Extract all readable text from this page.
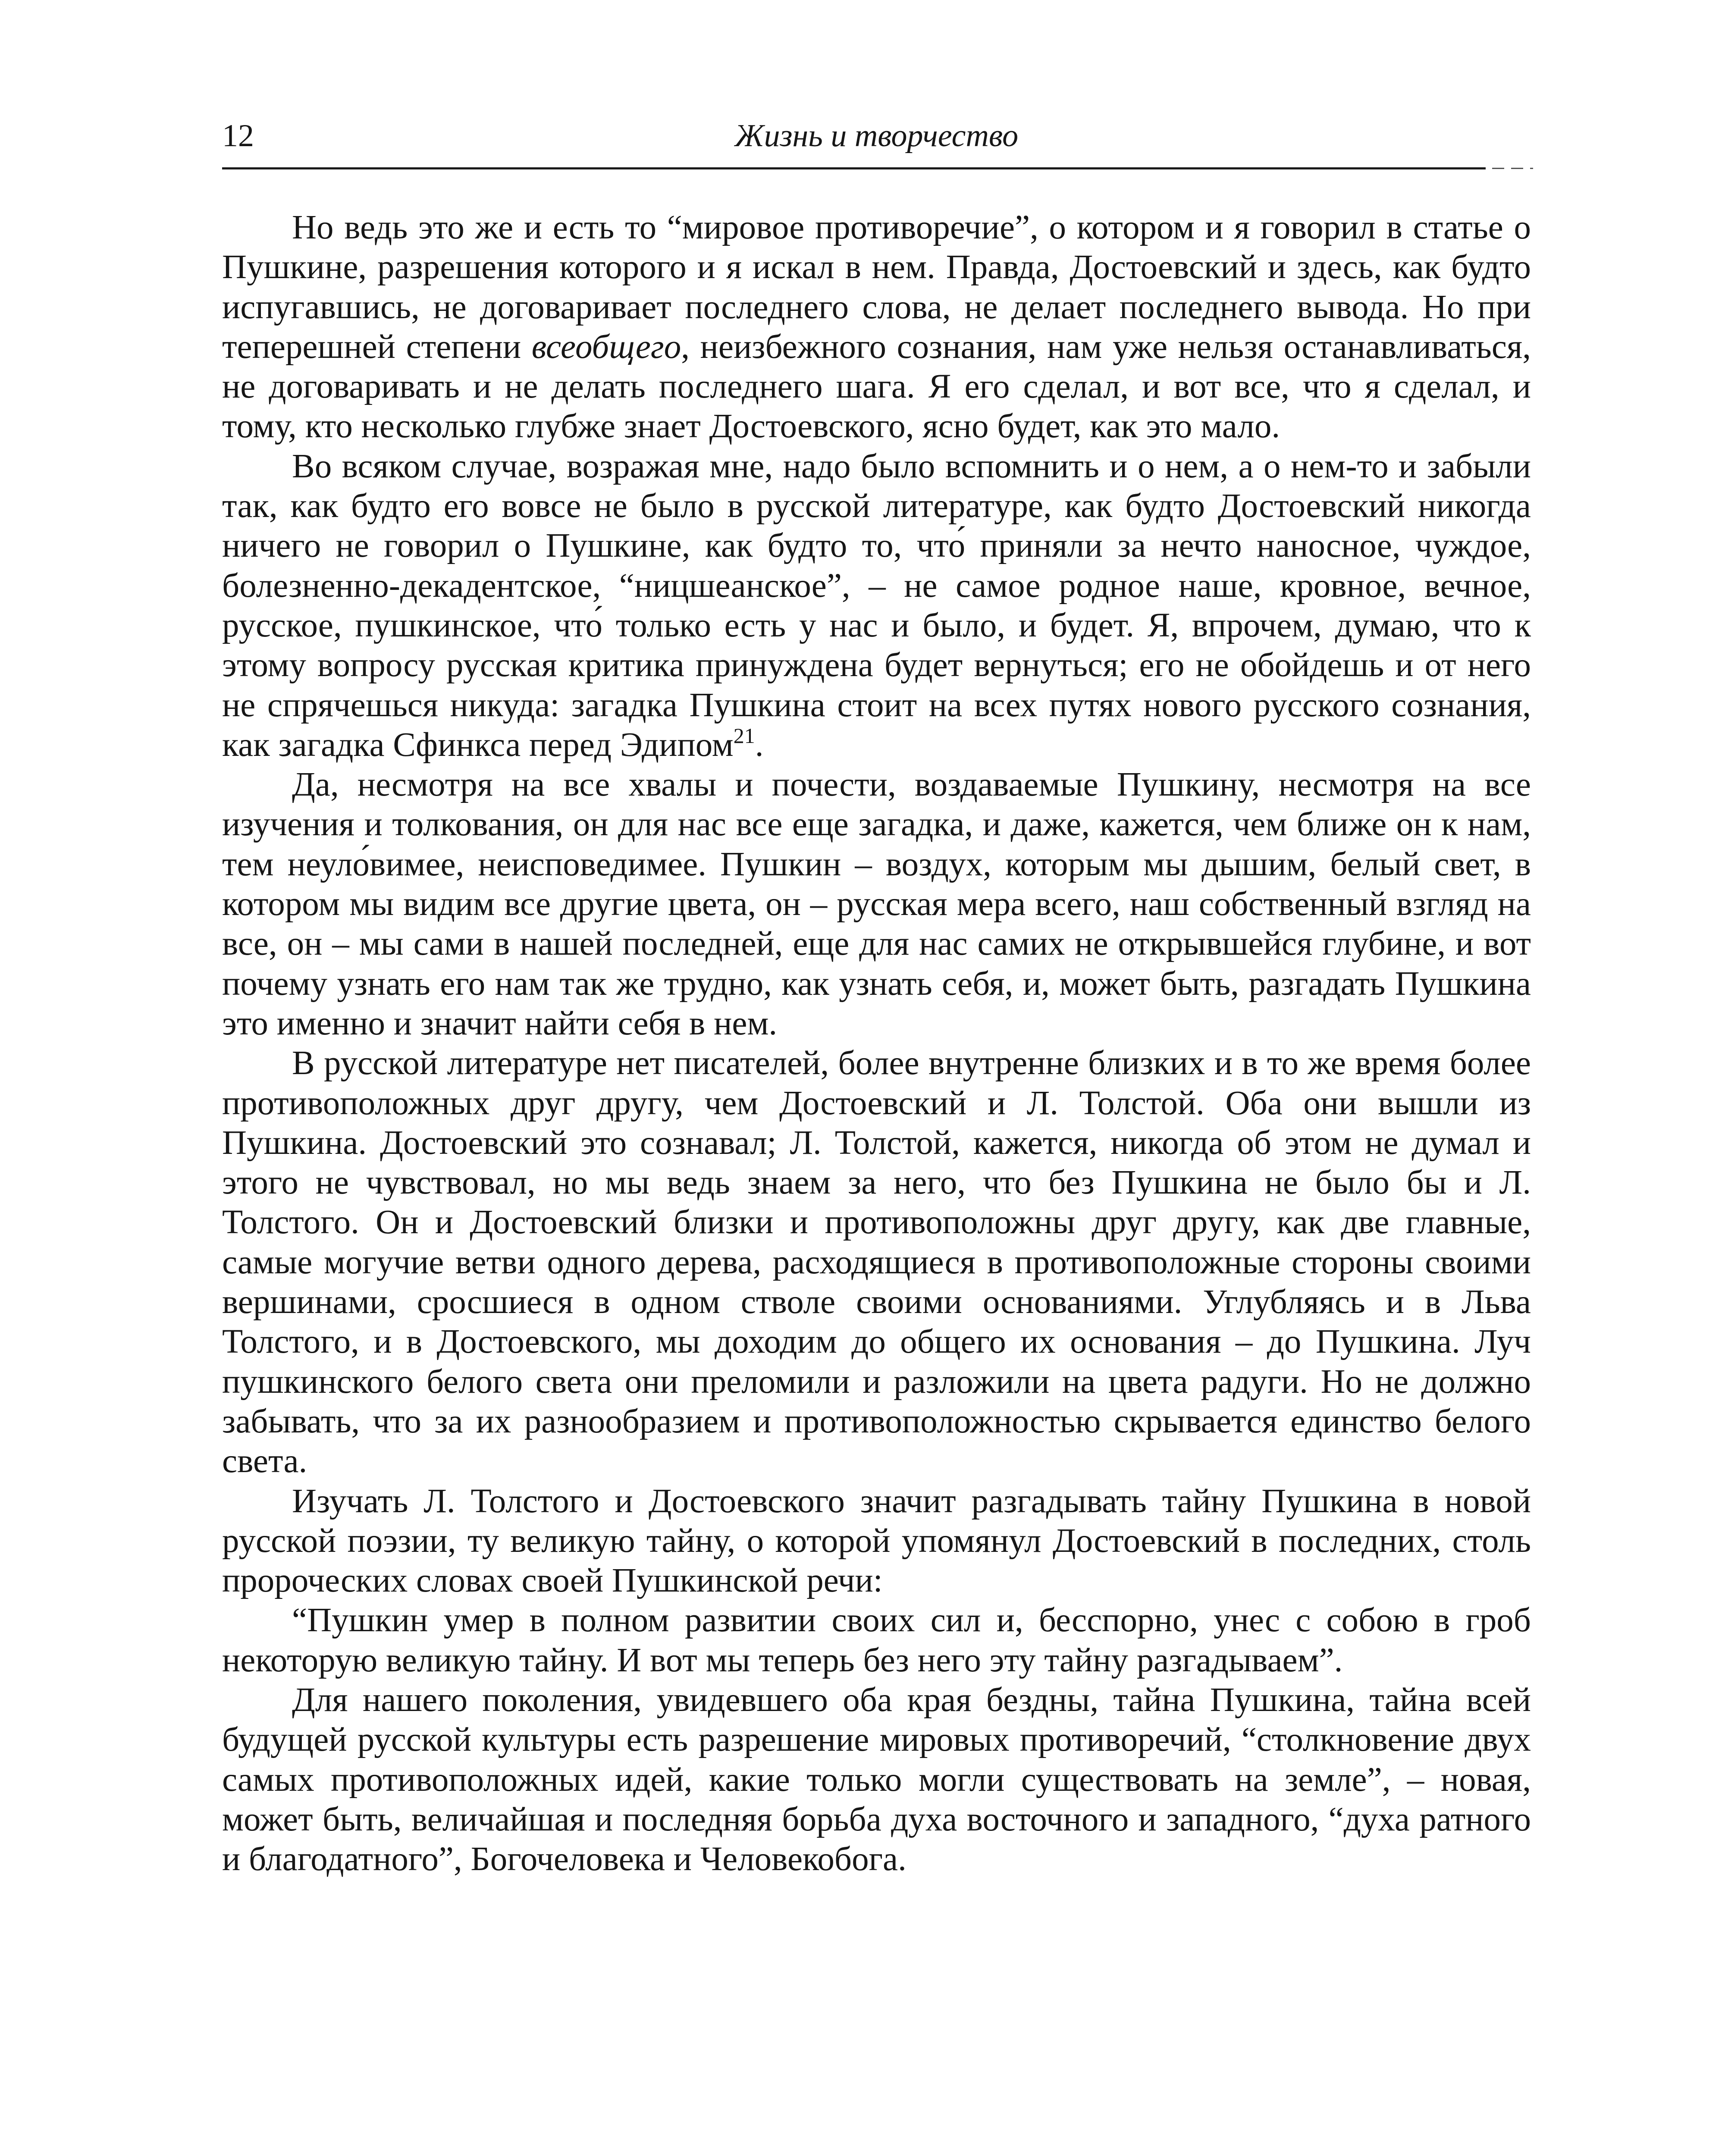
12	Жизнь и творчество

Но ведь это же и есть то “мировое противоречие”, о котором и я говорил в статье о Пушкине, разрешения которого и я искал в нем. Правда, Достоевский и здесь, как будто испугавшись, не договаривает последнего слова, не делает последнего вывода. Но при теперешней степени всеобщего, неизбежного сознания, нам уже нельзя останавливаться, не договаривать и не делать последнего шага. Я его сделал, и вот все, что я сделал, и тому, кто несколько глубже знает Достоевского, ясно будет, как это мало.

Во всяком случае, возражая мне, надо было вспомнить и о нем, а о нем-то и забыли так, как будто его вовсе не было в русской литературе, как будто Достоевский никогда ничего не говорил о Пушкине, как будто то, что́ приняли за нечто наносное, чуждое, болезненно-декадентское, “ницшеанское”, – не самое родное наше, кровное, вечное, русское, пушкинское, что́ только есть у нас и было, и будет. Я, впрочем, думаю, что к этому вопросу русская критика принуждена будет вернуться; его не обойдешь и от него не спрячешься никуда: загадка Пушкина стоит на всех путях нового русского сознания, как загадка Сфинкса перед Эдипом$^{21}$.

Да, несмотря на все хвалы и почести, воздаваемые Пушкину, несмотря на все изучения и толкования, он для нас все еще загадка, и даже, кажется, чем ближе он к нам, тем неуло́вимее, неисповедимее. Пушкин – воздух, которым мы дышим, белый свет, в котором мы видим все другие цвета, он – русская мера всего, наш собственный взгляд на все, он – мы сами в нашей последней, еще для нас самих не открывшейся глубине, и вот почему узнать его нам так же трудно, как узнать себя, и, может быть, разгадать Пушкина это именно и значит найти себя в нем.

В русской литературе нет писателей, более внутренне близких и в то же время более противоположных друг другу, чем Достоевский и Л. Толстой. Оба они вышли из Пушкина. Достоевский это сознавал; Л. Толстой, кажется, никогда об этом не думал и этого не чувствовал, но мы ведь знаем за него, что без Пушкина не было бы и Л. Толстого. Он и Достоевский близки и противоположны друг другу, как две главные, самые могучие ветви одного дерева, расходящиеся в противоположные стороны своими вершинами, сросшиеся в одном стволе своими основаниями. Углубляясь и в Льва Толстого, и в Достоевского, мы доходим до общего их основания – до Пушкина. Луч пушкинского белого света они преломили и разложили на цвета радуги. Но не должно забывать, что за их разнообразием и противоположностью скрывается единство белого света.

Изучать Л. Толстого и Достоевского значит разгадывать тайну Пушкина в новой русской поэзии, ту великую тайну, о которой упомянул Достоевский в последних, столь пророческих словах своей Пушкинской речи:

“Пушкин умер в полном развитии своих сил и, бесспорно, унес с собою в гроб некоторую великую тайну. И вот мы теперь без него эту тайну разгадываем”.

Для нашего поколения, увидевшего оба края бездны, тайна Пушкина, тайна всей будущей русской культуры есть разрешение мировых противоречий, “столкновение двух самых противоположных идей, какие только могли существовать на земле”, – новая, может быть, величайшая и последняя борьба духа восточного и западного, “духа ратного и благодатного”, Богочеловека и Человекобога.
